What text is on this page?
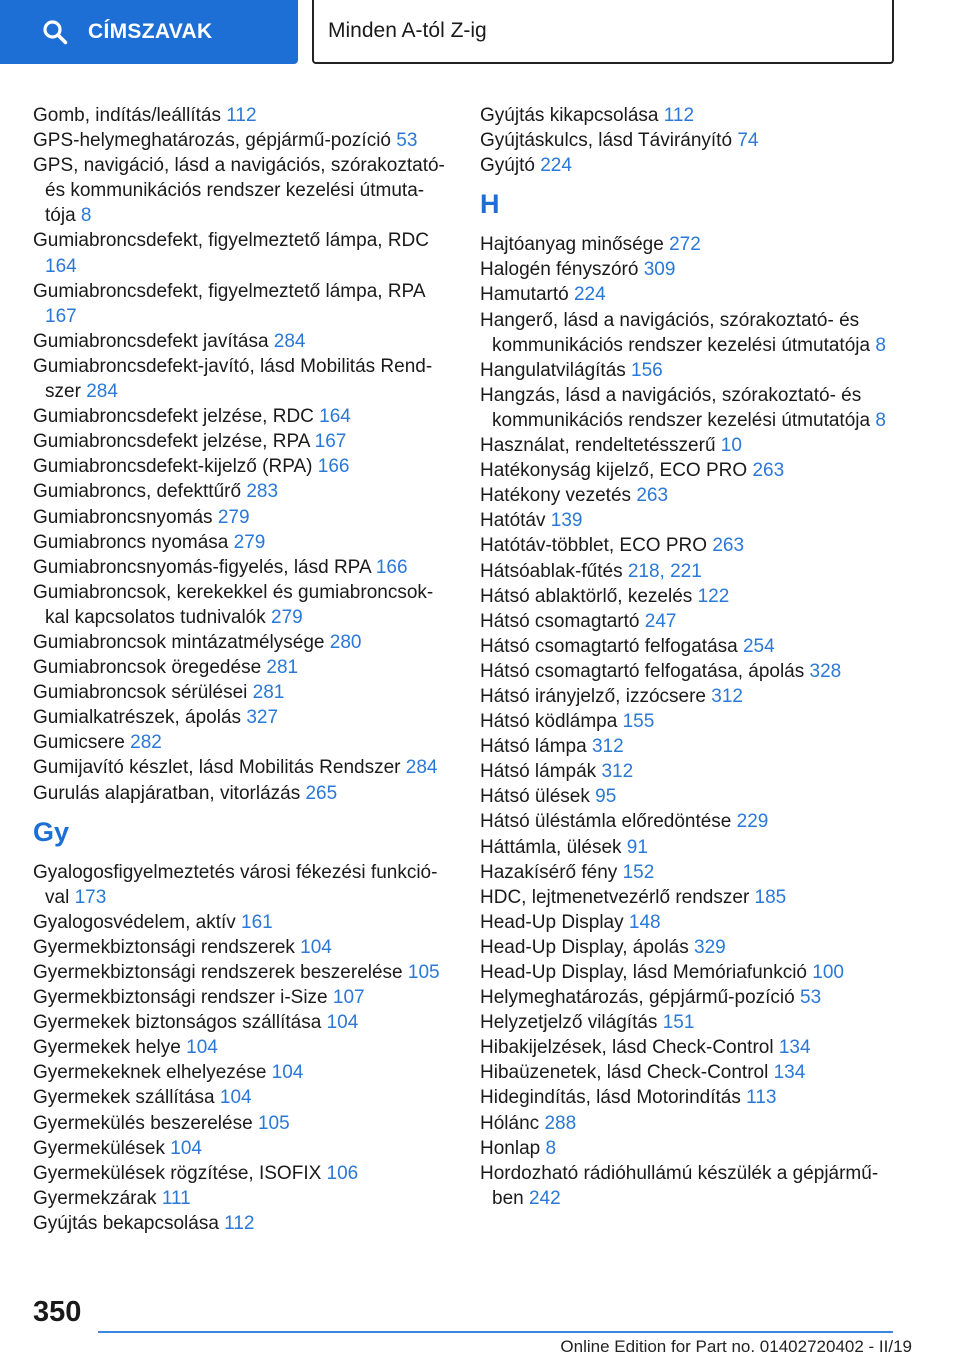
CÍMSZAVAK	Minden A-tól Z-ig
Gomb, indítás/leállítás 112
GPS-helymeghatározás, gépjármű-pozíció 53
GPS, navigáció, lásd a navigációs, szórakoztató- és kommunikációs rendszer kezelési útmuta-tója 8
Gumiabroncsdefekt, figyelmeztető lámpa, RDC 164
Gumiabroncsdefekt, figyelmeztető lámpa, RPA 167
Gumiabroncsdefekt javítása 284
Gumiabroncsdefekt-javító, lásd Mobilitás Rend-szer 284
Gumiabroncsdefekt jelzése, RDC 164
Gumiabroncsdefekt jelzése, RPA 167
Gumiabroncsdefekt-kijelző (RPA) 166
Gumiabroncs, defekttűrő 283
Gumiabroncsnyomás 279
Gumiabroncs nyomása 279
Gumiabroncsnyomás-figyelés, lásd RPA 166
Gumiabroncsok, kerekekkel és gumiabroncsok-kal kapcsolatos tudnivalók 279
Gumiabroncsok mintázatmélysége 280
Gumiabroncsok öregedése 281
Gumiabroncsok sérülései 281
Gumialkatrészek, ápolás 327
Gumicsere 282
Gumijavító készlet, lásd Mobilitás Rendszer 284
Gurulás alapjáratban, vitorlázás 265
Gy
Gyalogosfigyelmeztetés városi fékezési funkció-val 173
Gyalogosvédelem, aktív 161
Gyermekbiztonsági rendszerek 104
Gyermekbiztonsági rendszerek beszerelése 105
Gyermekbiztonsági rendszer i-Size 107
Gyermekek biztonságos szállítása 104
Gyermekek helye 104
Gyermekeknek elhelyezése 104
Gyermekek szállítása 104
Gyermekülés beszerelése 105
Gyermekülések 104
Gyermekülések rögzítése, ISOFIX 106
Gyermekzárak 111
Gyújtás bekapcsolása 112
Gyújtás kikapcsolása 112
Gyújtáskulcs, lásd Távirányító 74
Gyújtó 224
H
Hajtóanyag minősége 272
Halogén fényszóró 309
Hamutartó 224
Hangerő, lásd a navigációs, szórakoztató- és kommunikációs rendszer kezelési útmutatója 8
Hangulatvilágítás 156
Hangzás, lásd a navigációs, szórakoztató- és kommunikációs rendszer kezelési útmutatója 8
Használat, rendeltetésszerű 10
Hatékonyság kijelző, ECO PRO 263
Hatékony vezetés 263
Hatótáv 139
Hatótáv-többlet, ECO PRO 263
Hátsóablak-fűtés 218, 221
Hátsó ablaktörlő, kezelés 122
Hátsó csomagtartó 247
Hátsó csomagtartó felfogatása 254
Hátsó csomagtartó felfogatása, ápolás 328
Hátsó irányjelző, izzócsere 312
Hátsó ködlámpa 155
Hátsó lámpa 312
Hátsó lámpák 312
Hátsó ülések 95
Hátsó üléstámla előredöntése 229
Háttámla, ülések 91
Hazakísérő fény 152
HDC, lejtmenetvezérlő rendszer 185
Head-Up Display 148
Head-Up Display, ápolás 329
Head-Up Display, lásd Memóriafunkció 100
Helymeghatározás, gépjármű-pozíció 53
Helyzetjelző világítás 151
Hibakijelzések, lásd Check-Control 134
Hibaüzenetek, lásd Check-Control 134
Hidegindítás, lásd Motorindítás 113
Hólánc 288
Honlap 8
Hordozható rádióhullámú készülék a gépjármű-ben 242
350
Online Edition for Part no. 01402720402 - II/19
